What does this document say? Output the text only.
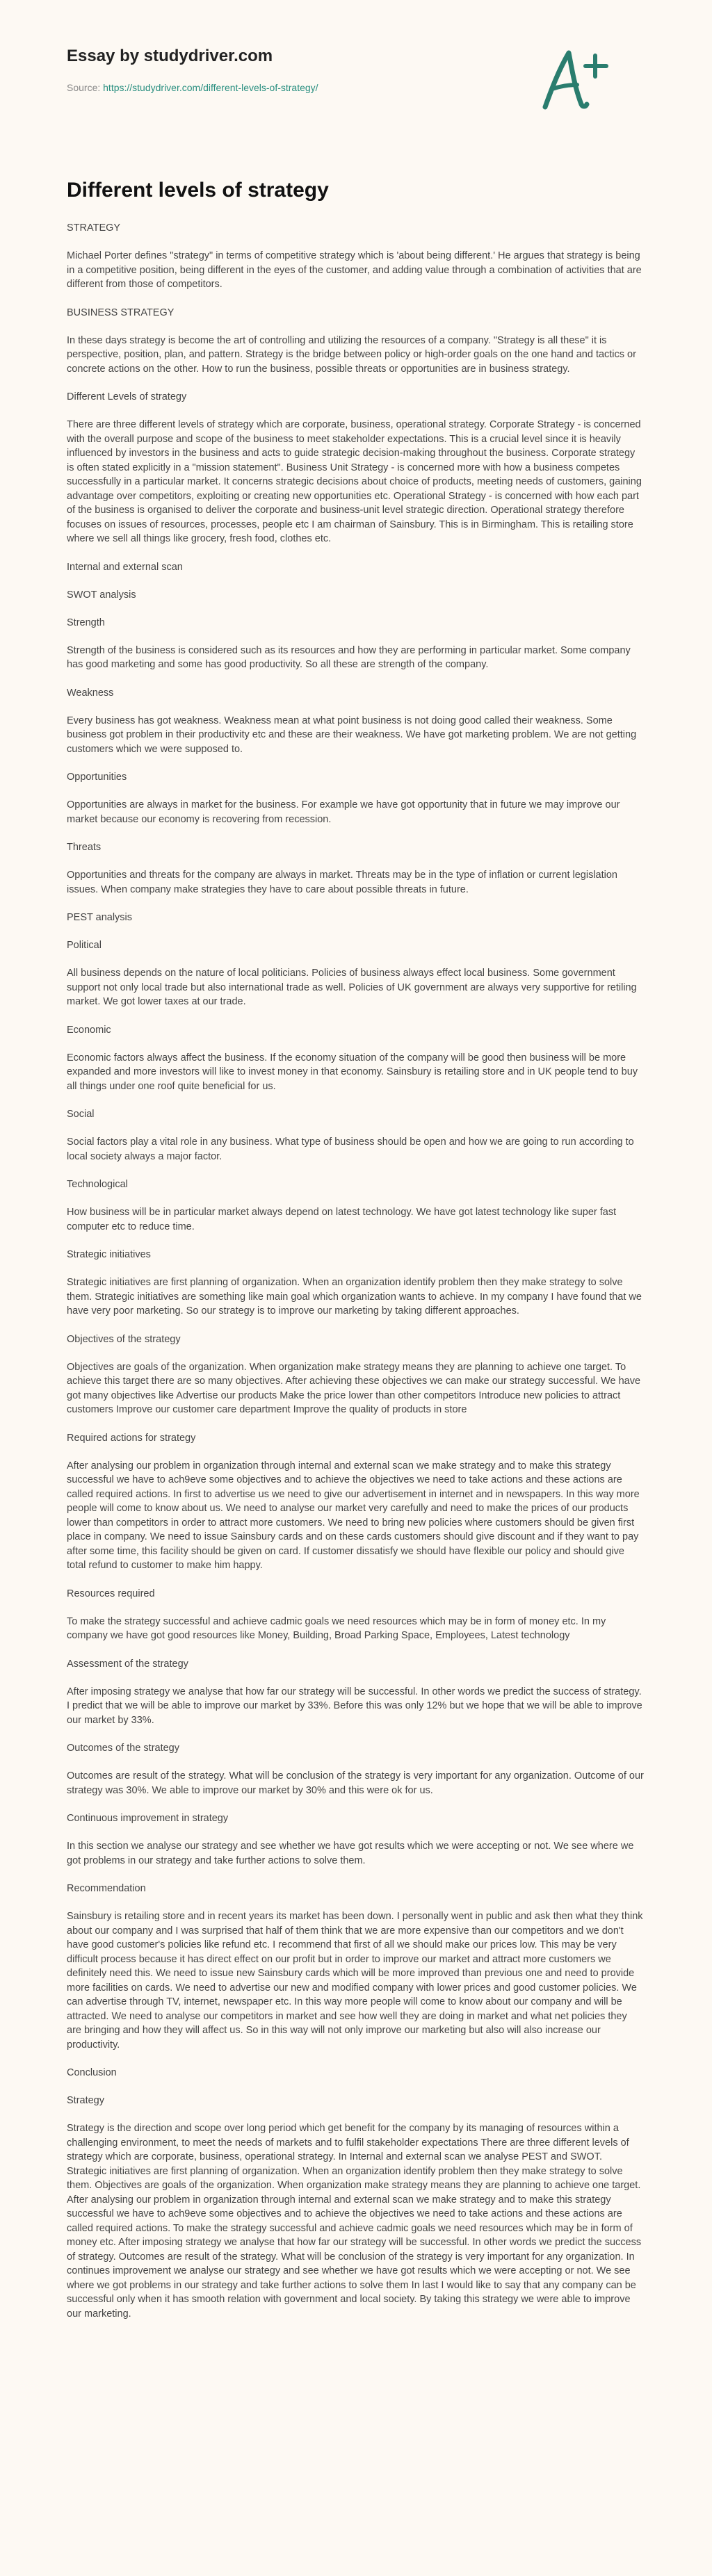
Essay by studydriver.com
Source: https://studydriver.com/different-levels-of-strategy/
Different levels of strategy
STRATEGY

Michael Porter defines "strategy" in terms of competitive strategy which is 'about being different.' He argues that strategy is being in a competitive position, being different in the eyes of the customer, and adding value through a combination of activities that are different from those of competitors.

BUSINESS STRATEGY

In these days strategy is become the art of controlling and utilizing the resources of a company. "Strategy is all these" it is perspective, position, plan, and pattern. Strategy is the bridge between policy or high-order goals on the one hand and tactics or concrete actions on the other. How to run the business, possible threats or opportunities are in business strategy.

Different Levels of strategy

There are three different levels of strategy which are corporate, business, operational strategy. Corporate Strategy - is concerned with the overall purpose and scope of the business to meet stakeholder expectations. This is a crucial level since it is heavily influenced by investors in the business and acts to guide strategic decision-making throughout the business. Corporate strategy is often stated explicitly in a "mission statement". Business Unit Strategy - is concerned more with how a business competes successfully in a particular market. It concerns strategic decisions about choice of products, meeting needs of customers, gaining advantage over competitors, exploiting or creating new opportunities etc. Operational Strategy - is concerned with how each part of the business is organised to deliver the corporate and business-unit level strategic direction. Operational strategy therefore focuses on issues of resources, processes, people etc I am chairman of Sainsbury. This is in Birmingham. This is retailing store where we sell all things like grocery, fresh food, clothes etc.

Internal and external scan
SWOT analysis
Strength

Strength of the business is considered such as its resources and how they are performing in particular market. Some company has good marketing and some has good productivity. So all these are strength of the company.

Weakness

Every business has got weakness. Weakness mean at what point business is not doing good called their weakness. Some business got problem in their productivity etc and these are their weakness. We have got marketing problem. We are not getting customers which we were supposed to.

Opportunities

Opportunities are always in market for the business. For example we have got opportunity that in future we may improve our market because our economy is recovering from recession.

Threats

Opportunities and threats for the company are always in market. Threats may be in the type of inflation or current legislation issues. When company make strategies they have to care about possible threats in future.

PEST analysis
Political

All business depends on the nature of local politicians. Policies of business always effect local business. Some government support not only local trade but also international trade as well. Policies of UK government are always very supportive for retiling market. We got lower taxes at our trade.

Economic

Economic factors always affect the business. If the economy situation of the company will be good then business will be more expanded and more investors will like to invest money in that economy. Sainsbury is retailing store and in UK people tend to buy all things under one roof quite beneficial for us.

Social

Social factors play a vital role in any business. What type of business should be open and how we are going to run according to local society always a major factor.

Technological

How business will be in particular market always depend on latest technology. We have got latest technology like super fast computer etc to reduce time.

Strategic initiatives

Strategic initiatives are first planning of organization. When an organization identify problem then they make strategy to solve them. Strategic initiatives are something like main goal which organization wants to achieve. In my company I have found that we have very poor marketing. So our strategy is to improve our marketing by taking different approaches.

Objectives of the strategy

Objectives are goals of the organization. When organization make strategy means they are planning to achieve one target. To achieve this target there are so many objectives. After achieving these objectives we can make our strategy successful. We have got many objectives like Advertise our products Make the price lower than other competitors Introduce new policies to attract customers Improve our customer care department Improve the quality of products in store

Required actions for strategy

After analysing our problem in organization through internal and external scan we make strategy and to make this strategy successful we have to ach9eve some objectives and to achieve the objectives we need to take actions and these actions are called required actions. In first to advertise us we need to give our advertisement in internet and in newspapers. In this way more people will come to know about us. We need to analyse our market very carefully and need to make the prices of our products lower than competitors in order to attract more customers. We need to bring new policies where customers should be given first place in company. We need to issue Sainsbury cards and on these cards customers should give discount and if they want to pay after some time, this facility should be given on card. If customer dissatisfy we should have flexible our policy and should give total refund to customer to make him happy.

Resources required

To make the strategy successful and achieve cadmic goals we need resources which may be in form of money etc. In my company we have got good resources like Money, Building, Broad Parking Space, Employees, Latest technology

Assessment of the strategy

After imposing strategy we analyse that how far our strategy will be successful. In other words we predict the success of strategy. I predict that we will be able to improve our market by 33%. Before this was only 12% but we hope that we will be able to improve our market by 33%.

Outcomes of the strategy

Outcomes are result of the strategy. What will be conclusion of the strategy is very important for any organization. Outcome of our strategy was 30%. We able to improve our market by 30% and this were ok for us.

Continuous improvement in strategy

In this section we analyse our strategy and see whether we have got results which we were accepting or not. We see where we got problems in our strategy and take further actions to solve them.

Recommendation

Sainsbury is retailing store and in recent years its market has been down. I personally went in public and ask then what they think about our company and I was surprised that half of them think that we are more expensive than our competitors and we don't have good customer's policies like refund etc. I recommend that first of all we should make our prices low. This may be very difficult process because it has direct effect on our profit but in order to improve our market and attract more customers we definitely need this. We need to issue new Sainsbury cards which will be more improved than previous one and need to provide more facilities on cards. We need to advertise our new and modified company with lower prices and good customer policies. We can advertise through TV, internet, newspaper etc. In this way more people will come to know about our company and will be attracted. We need to analyse our competitors in market and see how well they are doing in market and what net policies they are bringing and how they will affect us. So in this way will not only improve our marketing but also will also increase our productivity.

Conclusion
Strategy

Strategy is the direction and scope over long period which get benefit for the company by its managing of resources within a challenging environment, to meet the needs of markets and to fulfil stakeholder expectations There are three different levels of strategy which are corporate, business, operational strategy. In Internal and external scan we analyse PEST and SWOT. Strategic initiatives are first planning of organization. When an organization identify problem then they make strategy to solve them. Objectives are goals of the organization. When organization make strategy means they are planning to achieve one target. After analysing our problem in organization through internal and external scan we make strategy and to make this strategy successful we have to ach9eve some objectives and to achieve the objectives we need to take actions and these actions are called required actions. To make the strategy successful and achieve cadmic goals we need resources which may be in form of money etc. After imposing strategy we analyse that how far our strategy will be successful. In other words we predict the success of strategy. Outcomes are result of the strategy. What will be conclusion of the strategy is very important for any organization. In continues improvement we analyse our strategy and see whether we have got results which we were accepting or not. We see where we got problems in our strategy and take further actions to solve them In last I would like to say that any company can be successful only when it has smooth relation with government and local society. By taking this strategy we were able to improve our marketing.
